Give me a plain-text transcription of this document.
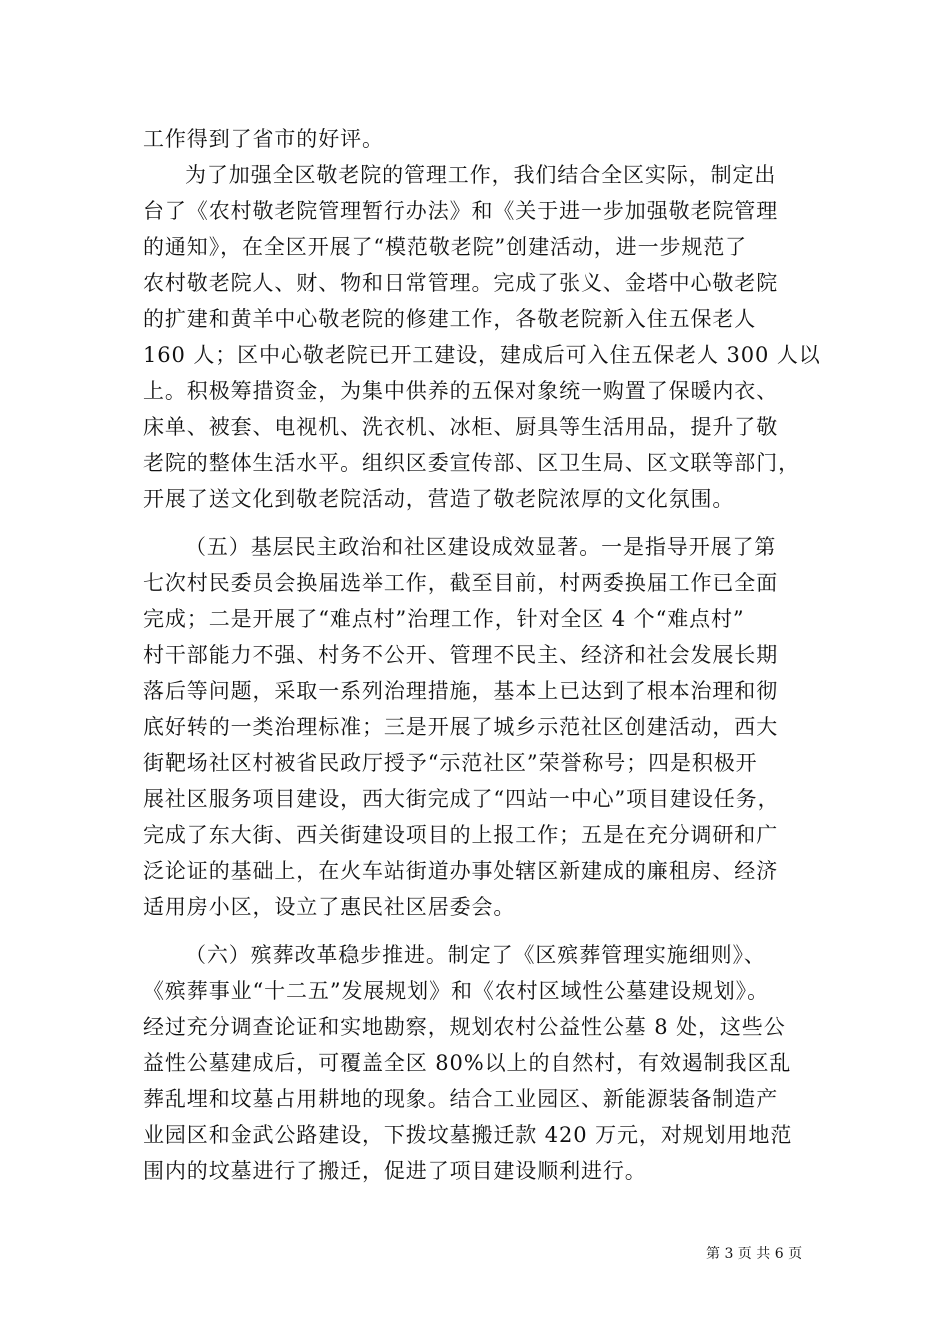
工作得到了省市的好评。
为了加强全区敬老院的管理工作，我们结合全区实际，制定出
台了《农村敬老院管理暂行办法》和《关于进一步加强敬老院管理
的通知》，在全区开展了“模范敬老院”创建活动，进一步规范了
农村敬老院人、财、物和日常管理。完成了张义、金塔中心敬老院
的扩建和黄羊中心敬老院的修建工作，各敬老院新入住五保老人
160 人；区中心敬老院已开工建设，建成后可入住五保老人 300 人以
上。积极筹措资金，为集中供养的五保对象统一购置了保暖内衣、
床单、被套、电视机、洗衣机、冰柜、厨具等生活用品，提升了敬
老院的整体生活水平。组织区委宣传部、区卫生局、区文联等部门，
开展了送文化到敬老院活动，营造了敬老院浓厚的文化氛围。
（五）基层民主政治和社区建设成效显著。一是指导开展了第
七次村民委员会换届选举工作，截至目前，村两委换届工作已全面
完成；二是开展了“难点村”治理工作，针对全区 4 个“难点村”
村干部能力不强、村务不公开、管理不民主、经济和社会发展长期
落后等问题，采取一系列治理措施，基本上已达到了根本治理和彻
底好转的一类治理标准；三是开展了城乡示范社区创建活动，西大
街靶场社区村被省民政厅授予“示范社区”荣誉称号；四是积极开
展社区服务项目建设，西大街完成了“四站一中心”项目建设任务，
完成了东大街、西关街建设项目的上报工作；五是在充分调研和广
泛论证的基础上，在火车站街道办事处辖区新建成的廉租房、经济
适用房小区，设立了惠民社区居委会。
（六）殡葬改革稳步推进。制定了《区殡葬管理实施细则》、
《殡葬事业“十二五”发展规划》和《农村区域性公墓建设规划》。
经过充分调查论证和实地勘察，规划农村公益性公墓 8 处，这些公
益性公墓建成后，可覆盖全区 80%以上的自然村，有效遏制我区乱
葬乱埋和坟墓占用耕地的现象。结合工业园区、新能源装备制造产
业园区和金武公路建设，下拨坟墓搬迁款 420 万元，对规划用地范
围内的坟墓进行了搬迁，促进了项目建设顺利进行。
第 3 页 共 6 页
